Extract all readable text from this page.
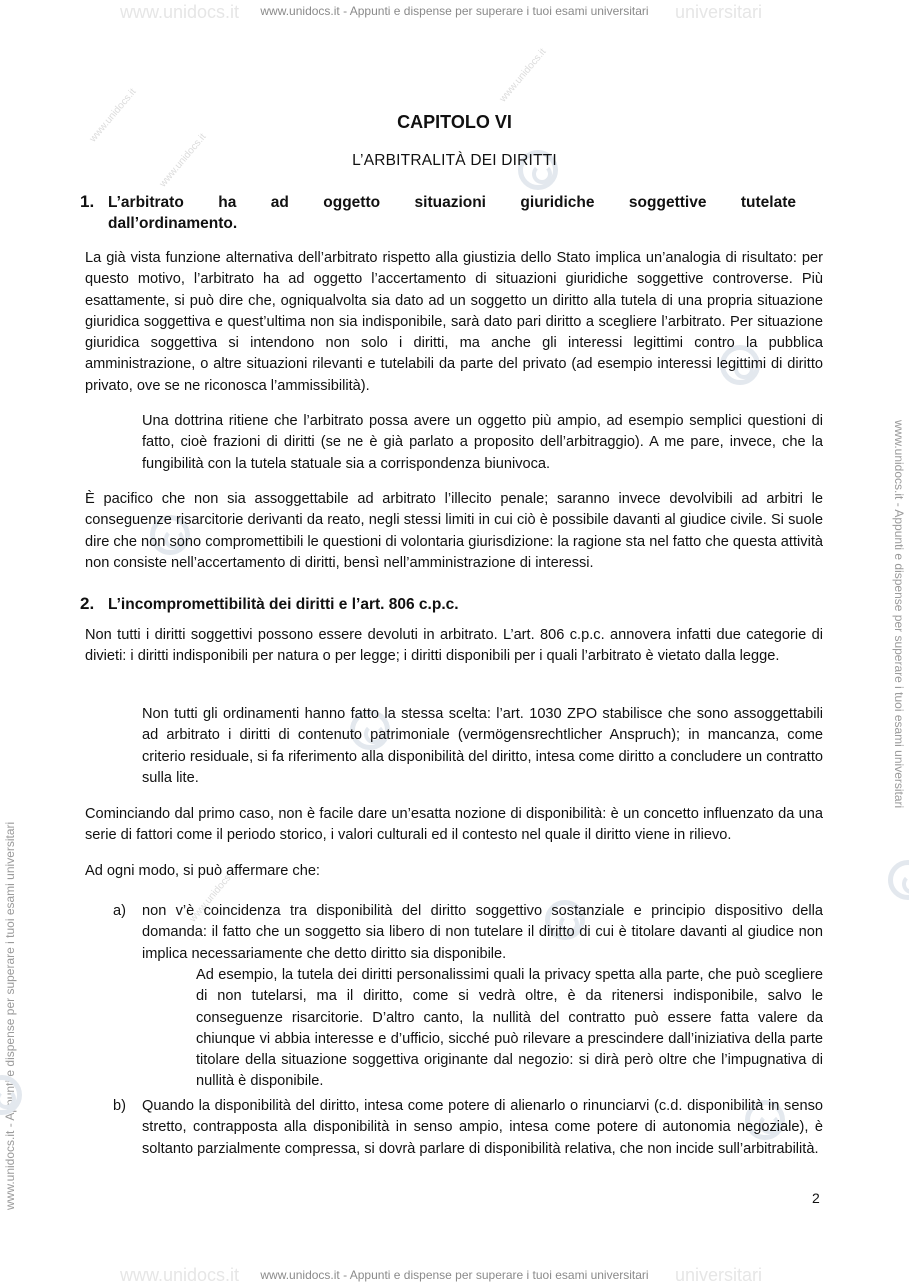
www.unidocs.it	universitari
www.unidocs.it - Appunti e dispense per superare i tuoi esami universitari
www.unidocs.it	universitari
www.unidocs.it - Appunti e dispense per superare i tuoi esami universitari
www.unidocs.it - Appunti e dispense per superare i tuoi esami universitari
www.unidocs.it - Appunti e dispense per superare i tuoi esami universitari
www.unidocs.it
www.unidocs.it
www.unidocs.it
www.unidocs.it
CAPITOLO VI
L’ARBITRALITÀ DEI DIRITTI
1. L’arbitrato ha ad oggetto situazioni giuridiche soggettive tutelate
dall’ordinamento.
La già vista funzione alternativa dell’arbitrato rispetto alla giustizia dello Stato implica un’analogia di risultato: per questo motivo, l’arbitrato ha ad oggetto l’accertamento di situazioni giuridiche soggettive controverse. Più esattamente, si può dire che, ogniqualvolta sia dato ad un soggetto un diritto alla tutela di una propria situazione giuridica soggettiva e quest’ultima non sia indisponibile, sarà dato pari diritto a scegliere l’arbitrato. Per situazione giuridica soggettiva si intendono non solo i diritti, ma anche gli interessi legittimi contro la pubblica amministrazione, o altre situazioni rilevanti e tutelabili da parte del privato (ad esempio interessi legittimi di diritto privato, ove se ne riconosca l’ammissibilità).
Una dottrina ritiene che l’arbitrato possa avere un oggetto più ampio, ad esempio semplici questioni di fatto, cioè frazioni di diritti (se ne è già parlato a proposito dell’arbitraggio). A me pare, invece, che la fungibilità con la tutela statuale sia a corrispondenza biunivoca.
È pacifico che non sia assoggettabile ad arbitrato l’illecito penale; saranno invece devolvibili ad arbitri le conseguenze risarcitorie derivanti da reato, negli stessi limiti in cui ciò è possibile davanti al giudice civile. Si suole dire che non sono compromettibili le questioni di volontaria giurisdizione: la ragione sta nel fatto che questa attività non consiste nell’accertamento di diritti, bensì nell’amministrazione di interessi.
2. L’incompromettibilità dei diritti e l’art. 806 c.p.c.
Non tutti i diritti soggettivi possono essere devoluti in arbitrato. L’art. 806 c.p.c. annovera infatti due categorie di divieti: i diritti indisponibili per natura o per legge; i diritti disponibili per i quali l’arbitrato è vietato dalla legge.
Non tutti gli ordinamenti hanno fatto la stessa scelta: l’art. 1030 ZPO stabilisce che sono assoggettabili ad arbitrato i diritti di contenuto patrimoniale (vermögensrechtlicher Anspruch); in mancanza, come criterio residuale, si fa riferimento alla disponibilità del diritto, intesa come diritto a concludere un contratto sulla lite.
Cominciando dal primo caso, non è facile dare un’esatta nozione di disponibilità: è un concetto influenzato da una serie di fattori come il periodo storico, i valori culturali ed il contesto nel quale il diritto viene in rilievo.
Ad ogni modo, si può affermare che:
a) non v’è coincidenza tra disponibilità del diritto soggettivo sostanziale e principio dispositivo della domanda: il fatto che un soggetto sia libero di non tutelare il diritto di cui è titolare davanti al giudice non implica necessariamente che detto diritto sia disponibile.
Ad esempio, la tutela dei diritti personalissimi quali la privacy spetta alla parte, che può scegliere di non tutelarsi, ma il diritto, come si vedrà oltre, è da ritenersi indisponibile, salvo le conseguenze risarcitorie. D’altro canto, la nullità del contratto può essere fatta valere da chiunque vi abbia interesse e d’ufficio, sicché può rilevare a prescindere dall’iniziativa della parte titolare della situazione soggettiva originante dal negozio: si dirà però oltre che l’impugnativa di nullità è disponibile.
b) Quando la disponibilità del diritto, intesa come potere di alienarlo o rinunciarvi (c.d. disponibilità in senso stretto, contrapposta alla disponibilità in senso ampio, intesa come potere di autonomia negoziale), è soltanto parzialmente compressa, si dovrà parlare di disponibilità relativa, che non incide sull’arbitrabilità.
2
